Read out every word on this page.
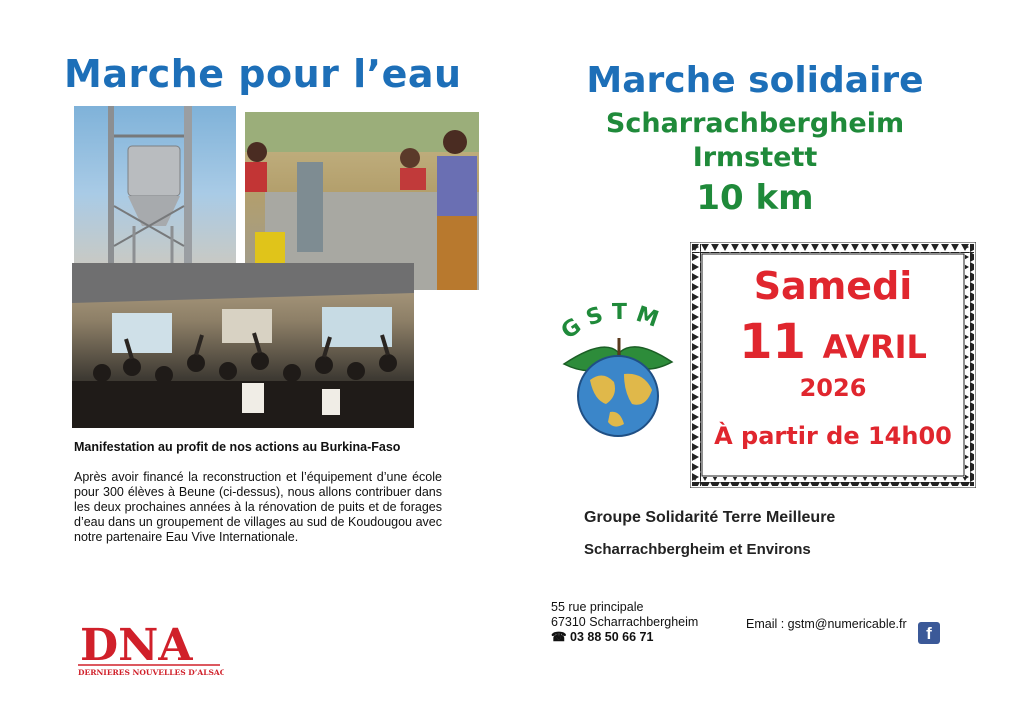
Marche pour l’eau
Manifestation au profit de nos actions au Burkina-Faso
Après avoir financé la reconstruction et l’équipement d’une école pour 300 élèves à Beune (ci-dessus), nous allons contribuer dans les deux prochaines années à la rénovation de puits et de forages d’eau dans un groupement de villages au sud de Koudougou avec notre partenaire Eau Vive Internationale.
DNA
DERNIERES NOUVELLES D’ALSACE
Marche solidaire
Scharrachbergheim
Irmstett
10 km
G S T M
Samedi
11 AVRIL
2026
À partir de 14h00
Groupe Solidarité Terre Meilleure
Scharrachbergheim et Environs
55 rue principale
67310 Scharrachbergheim
☎ 03 88 50 66 71
Email : gstm@numericable.fr	f
